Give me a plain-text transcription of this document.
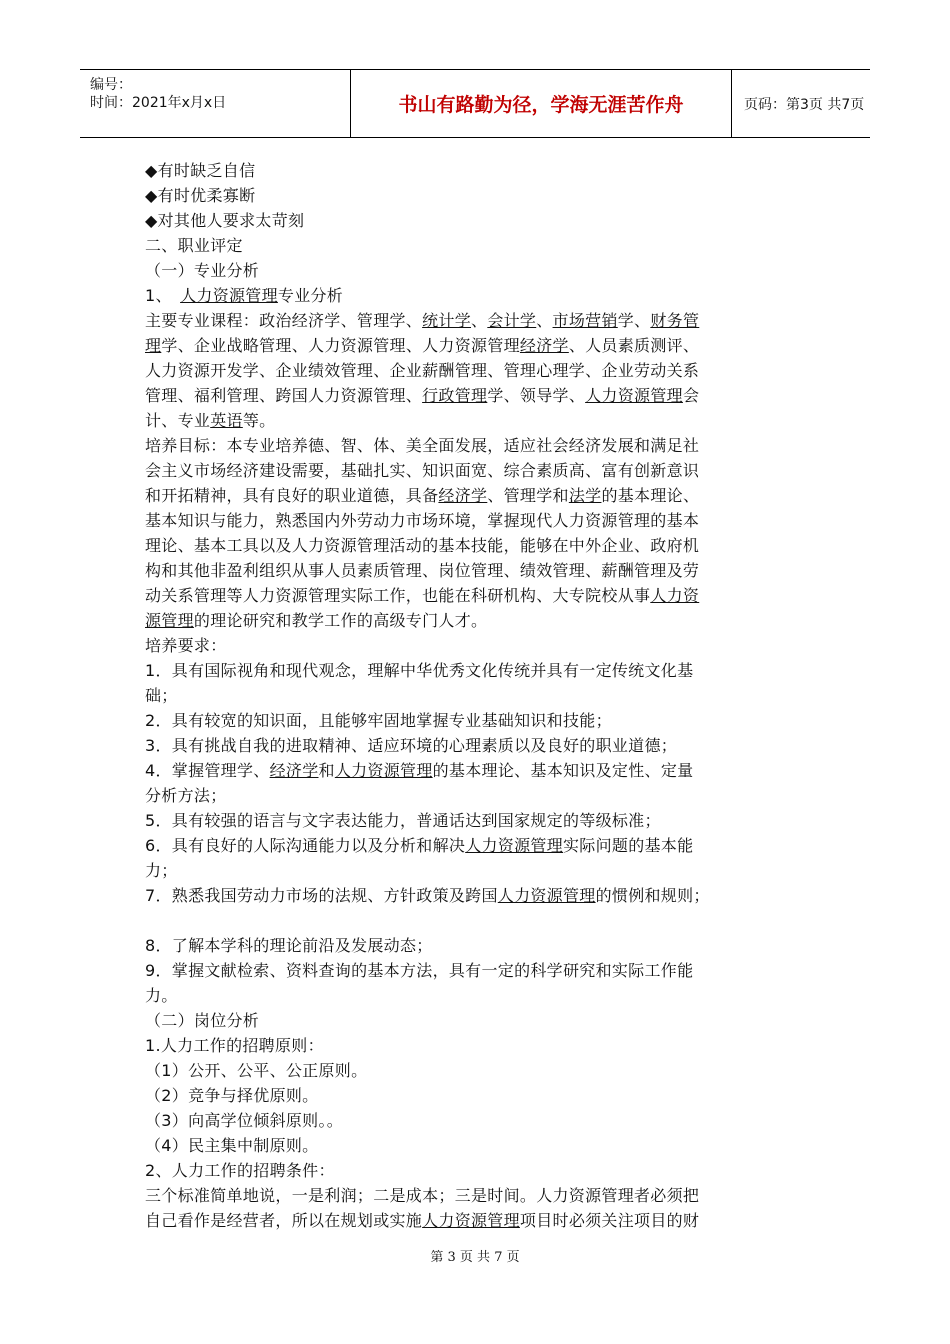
编号：
时间：2021年x月x日	书山有路勤为径，学海无涯苦作舟	页码：第3页 共7页
◆有时缺乏自信
◆有时优柔寡断
◆对其他人要求太苛刻
二、职业评定
（一）专业分析
1、　人力资源管理专业分析
主要专业课程：政治经济学、管理学、统计学、会计学、市场营销学、财务管
理学、企业战略管理、人力资源管理、人力资源管理经济学、人员素质测评、
人力资源开发学、企业绩效管理、企业薪酬管理、管理心理学、企业劳动关系
管理、福利管理、跨国人力资源管理、行政管理学、领导学、人力资源管理会
计、专业英语等。
培养目标：本专业培养德、智、体、美全面发展，适应社会经济发展和满足社
会主义市场经济建设需要，基础扎实、知识面宽、综合素质高、富有创新意识
和开拓精神，具有良好的职业道德，具备经济学、管理学和法学的基本理论、
基本知识与能力，熟悉国内外劳动力市场环境，掌握现代人力资源管理的基本
理论、基本工具以及人力资源管理活动的基本技能，能够在中外企业、政府机
构和其他非盈利组织从事人员素质管理、岗位管理、绩效管理、薪酬管理及劳
动关系管理等人力资源管理实际工作，也能在科研机构、大专院校从事人力资
源管理的理论研究和教学工作的高级专门人才。
培养要求：
1．具有国际视角和现代观念，理解中华优秀文化传统并具有一定传统文化基
础；
2．具有较宽的知识面，且能够牢固地掌握专业基础知识和技能；
3．具有挑战自我的进取精神、适应环境的心理素质以及良好的职业道德；
4．掌握管理学、经济学和人力资源管理的基本理论、基本知识及定性、定量
分析方法；
5．具有较强的语言与文字表达能力，普通话达到国家规定的等级标准；
6．具有良好的人际沟通能力以及分析和解决人力资源管理实际问题的基本能
力；
7．熟悉我国劳动力市场的法规、方针政策及跨国人力资源管理的惯例和规则；
8．了解本学科的理论前沿及发展动态；
9．掌握文献检索、资料查询的基本方法，具有一定的科学研究和实际工作能
力。
（二）岗位分析
1.人力工作的招聘原则：
（1）公开、公平、公正原则。
（2）竞争与择优原则。
（3）向高学位倾斜原则。。
（4）民主集中制原则。
2、人力工作的招聘条件：
三个标准简单地说，一是利润；二是成本；三是时间。人力资源管理者必须把
自己看作是经营者，所以在规划或实施人力资源管理项目时必须关注项目的财
第 3 页 共 7 页
